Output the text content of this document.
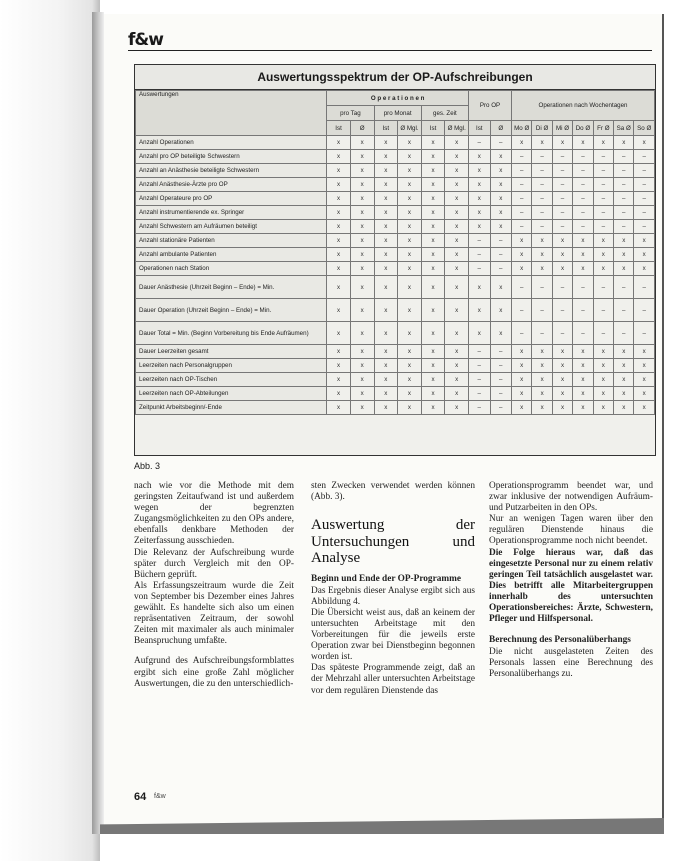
f&w
Auswertungsspektrum der OP-Aufschreibungen
Auswertungen	O p e r a t i o n e n						Pro OP		Operationen nach Wochentagen						
	pro Tag		pro Monat		ges. Zeit										
	Ist	Ø	Ist	Ø Mgl.	Ist	Ø Mgl.	Ist	Ø	Mo Ø	Di Ø	Mi Ø	Do Ø	Fr Ø	Sa Ø	So Ø
Anzahl Operationen	x	x	x	x	x	x	–	–	x	x	x	x	x	x	x
Anzahl pro OP beteiligte Schwestern	x	x	x	x	x	x	x	x	–	–	–	–	–	–	–
Anzahl an Anästhesie beteiligte Schwestern	x	x	x	x	x	x	x	x	–	–	–	–	–	–	–
Anzahl Anästhesie-Ärzte pro OP	x	x	x	x	x	x	x	x	–	–	–	–	–	–	–
Anzahl Operateure pro OP	x	x	x	x	x	x	x	x	–	–	–	–	–	–	–
Anzahl instrumentierende ex. Springer	x	x	x	x	x	x	x	x	–	–	–	–	–	–	–
Anzahl Schwestern am Aufräumen beteiligt	x	x	x	x	x	x	x	x	–	–	–	–	–	–	–
Anzahl stationäre Patienten	x	x	x	x	x	x	–	–	x	x	x	x	x	x	x
Anzahl ambulante Patienten	x	x	x	x	x	x	–	–	x	x	x	x	x	x	x
Operationen nach Station	x	x	x	x	x	x	–	–	x	x	x	x	x	x	x
Dauer Anästhesie (Uhrzeit Beginn – Ende) = Min.	x	x	x	x	x	x	x	x	–	–	–	–	–	–	–
Dauer Operation (Uhrzeit Beginn – Ende) = Min.	x	x	x	x	x	x	x	x	–	–	–	–	–	–	–
Dauer Total = Min. (Beginn Vorbereitung bis Ende Aufräumen)	x	x	x	x	x	x	x	x	–	–	–	–	–	–	–
Dauer Leerzeiten gesamt	x	x	x	x	x	x	–	–	x	x	x	x	x	x	x
Leerzeiten nach Personalgruppen	x	x	x	x	x	x	–	–	x	x	x	x	x	x	x
Leerzeiten nach OP-Tischen	x	x	x	x	x	x	–	–	x	x	x	x	x	x	x
Leerzeiten nach OP-Abteilungen	x	x	x	x	x	x	–	–	x	x	x	x	x	x	x
Zeitpunkt Arbeitsbeginn/-Ende	x	x	x	x	x	x	–	–	x	x	x	x	x	x	x
Abb. 3

nach wie vor die Methode mit dem geringsten Zeitaufwand ist und außerdem wegen der begrenzten Zugangsmöglichkeiten zu den OPs andere, ebenfalls denkbare Methoden der Zeiterfassung ausschieden.

Die Relevanz der Aufschreibung wurde später durch Vergleich mit den OP-Büchern geprüft.

Als Erfassungszeitraum wurde die Zeit von September bis Dezember eines Jahres gewählt. Es handelte sich also um einen repräsentativen Zeitraum, der sowohl Zeiten mit maximaler als auch minimaler Beanspruchung umfaßte.

Aufgrund des Aufschreibungsformblattes ergibt sich eine große Zahl möglicher Auswertungen, die zu den unterschiedlich-

sten Zwecken verwendet werden können (Abb. 3).

Auswertung der Untersuchungen und Analyse
Beginn und Ende der OP-Programme

Das Ergebnis dieser Analyse ergibt sich aus Abbildung 4.

Die Übersicht weist aus, daß an keinem der untersuchten Arbeitstage mit den Vorbereitungen für die jeweils erste Operation zwar bei Dienstbeginn begonnen worden ist.

Das späteste Programmende zeigt, daß an der Mehrzahl aller untersuchten Arbeitstage vor dem regulären Dienstende das

Operationsprogramm beendet war, und zwar inklusive der notwendigen Aufräum- und Putzarbeiten in den OPs.

Nur an wenigen Tagen waren über den regulären Dienstende hinaus die Operationsprogramme noch nicht beendet.

Die Folge hieraus war, daß das eingesetzte Personal nur zu einem relativ geringen Teil tatsächlich ausgelastet war. Dies betrifft alle Mitarbeitergruppen innerhalb des untersuchten Operationsbereiches: Ärzte, Schwestern, Pfleger und Hilfspersonal.

Berechnung des Personalüberhangs

Die nicht ausgelasteten Zeiten des Personals lassen eine Berechnung des Personalüberhangs zu.

64 f&w
